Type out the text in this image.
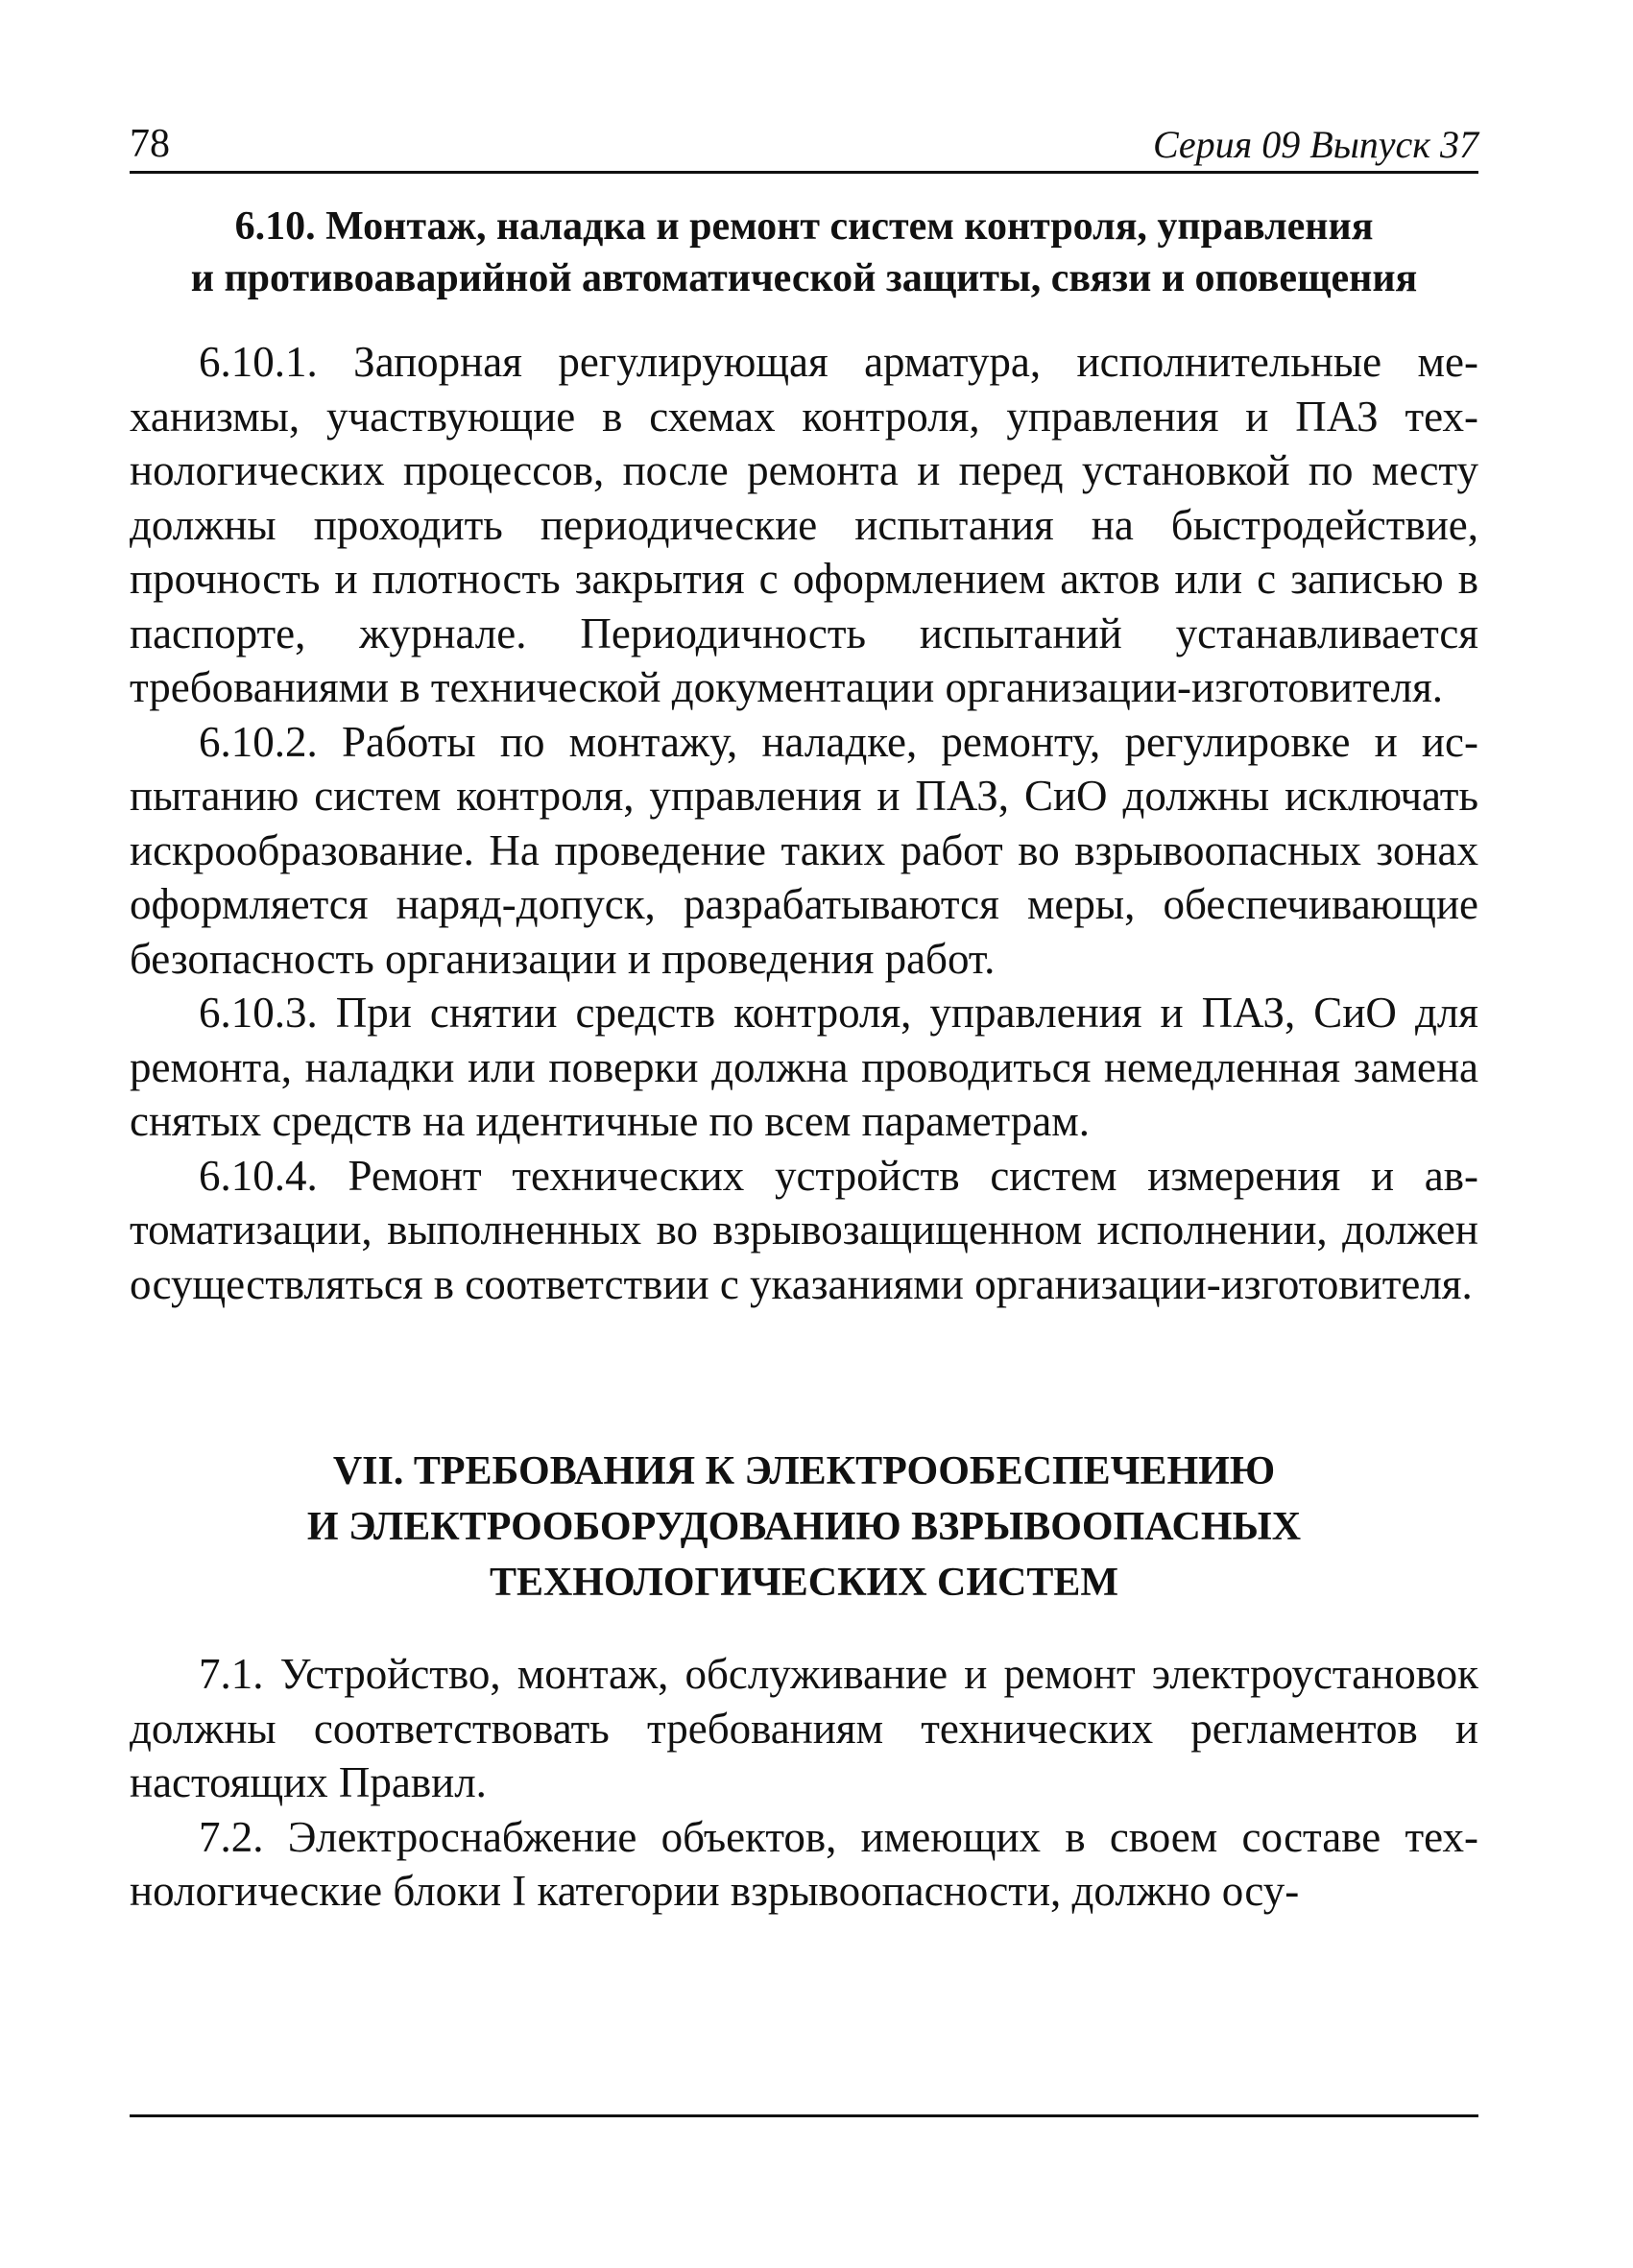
78	Серия 09 Выпуск 37
6.10. Монтаж, наладка и ремонт систем контроля, управления
и противоаварийной автоматической защиты, связи и оповещения

6.10.1. Запорная регулирующая арматура, исполнительные механизмы, участвующие в схемах контроля, управления и ПАЗ технологических процессов, после ремонта и перед установкой по месту должны проходить периодические испытания на быстродействие, прочность и плотность закрытия с оформлением актов или с записью в паспорте, журнале. Периодичность испытаний устанавливается требованиями в технической документации организации-изготовителя.

6.10.2. Работы по монтажу, наладке, ремонту, регулировке и испытанию систем контроля, управления и ПАЗ, СиО должны исключать искрообразование. На проведение таких работ во взрывоопасных зонах оформляется наряд-допуск, разрабатываются меры, обеспечивающие безопасность организации и проведения работ.

6.10.3. При снятии средств контроля, управления и ПАЗ, СиО для ремонта, наладки или поверки должна проводиться немедленная замена снятых средств на идентичные по всем параметрам.

6.10.4. Ремонт технических устройств систем измерения и автоматизации, выполненных во взрывозащищенном исполнении, должен осуществляться в соответствии с указаниями организации-изготовителя.

VII. ТРЕБОВАНИЯ К ЭЛЕКТРООБЕСПЕЧЕНИЮ
И ЭЛЕКТРООБОРУДОВАНИЮ ВЗРЫВООПАСНЫХ
ТЕХНОЛОГИЧЕСКИХ СИСТЕМ

7.1. Устройство, монтаж, обслуживание и ремонт электроустановок должны соответствовать требованиям технических регламентов и настоящих Правил.

7.2. Электроснабжение объектов, имеющих в своем составе технологические блоки I категории взрывоопасности, должно осу-
